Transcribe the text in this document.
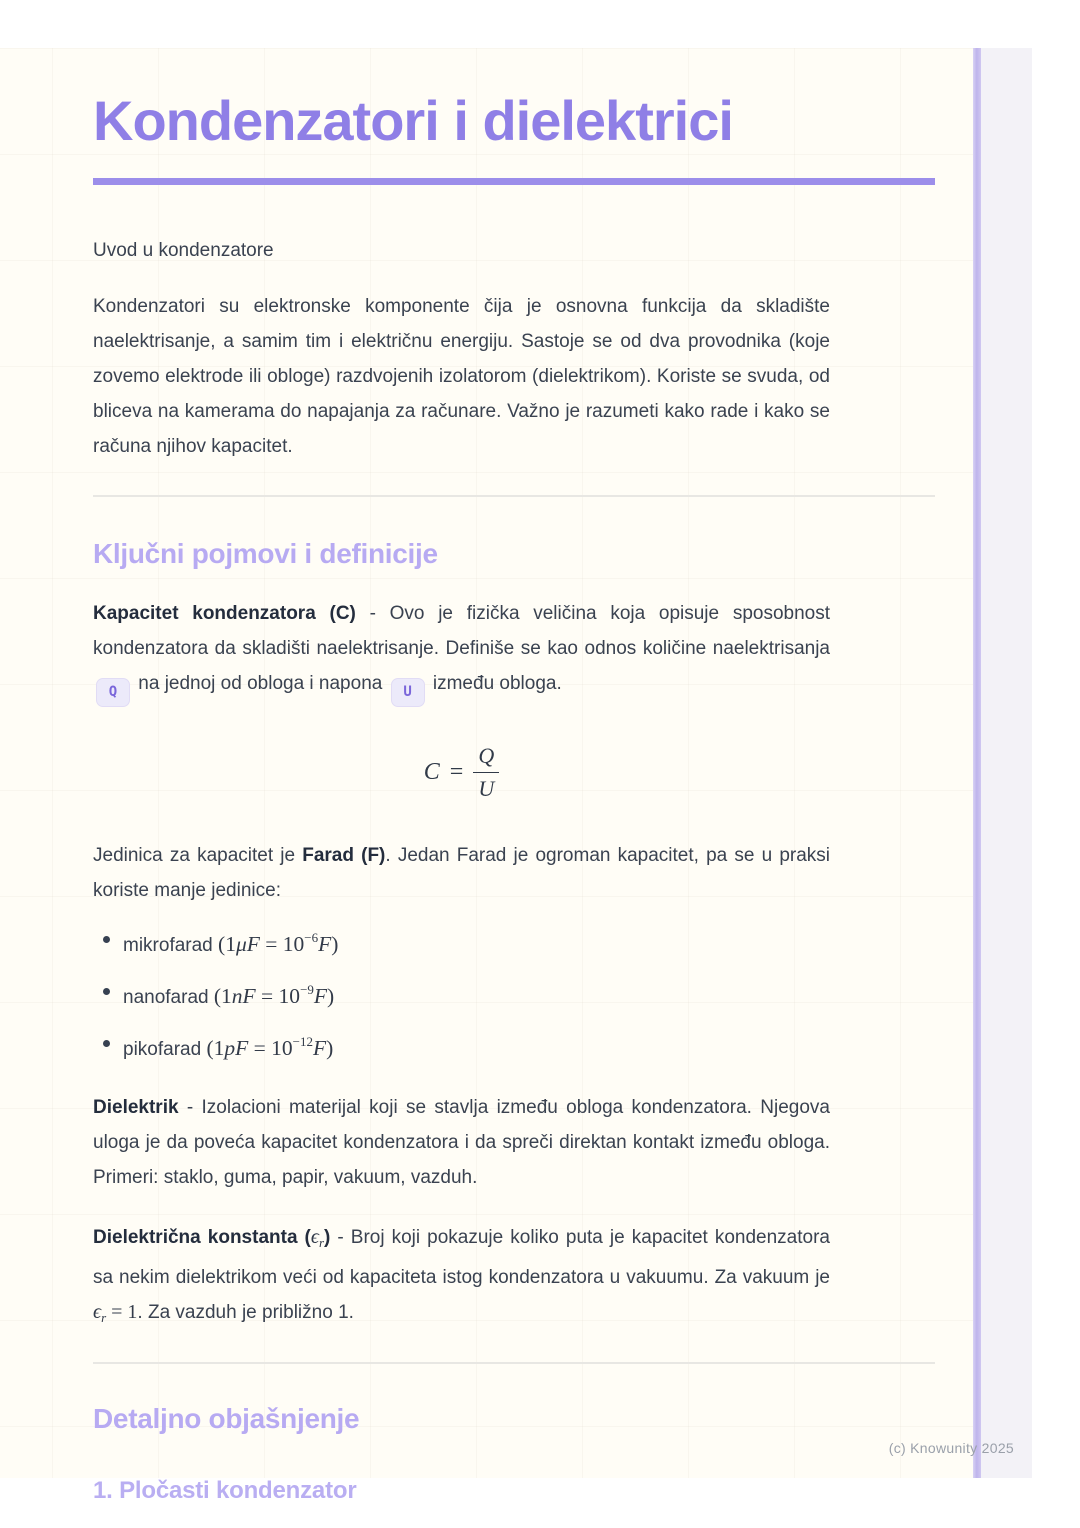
Kondenzatori i dielektrici

Uvod u kondenzatore

Kondenzatori su elektronske komponente čija je osnovna funkcija da skladište naelektrisanje, a samim tim i električnu energiju. Sastoje se od dva provodnika (koje zovemo elektrode ili obloge) razdvojenih izolatorom (dielektrikom). Koriste se svuda, od bliceva na kamerama do napajanja za računare. Važno je razumeti kako rade i kako se računa njihov kapacitet.

Ključni pojmovi i definicije

Kapacitet kondenzatora (C) - Ovo je fizička veličina koja opisuje sposobnost kondenzatora da skladišti naelektrisanje. Definiše se kao odnos količine naelektrisanja Q na jednoj od obloga i napona U između obloga.

$C = \frac{Q}{U}$

Jedinica za kapacitet je Farad (F). Jedan Farad je ogroman kapacitet, pa se u praksi koriste manje jedinice:

mikrofarad $(1\mu F = 10^{-6}F)$
nanofarad $(1nF = 10^{-9}F)$
pikofarad $(1pF = 10^{-12}F)$

Dielektrik - Izolacioni materijal koji se stavlja između obloga kondenzatora. Njegova uloga je da poveća kapacitet kondenzatora i da spreči direktan kontakt između obloga. Primeri: staklo, guma, papir, vakuum, vazduh.

Dielektrična konstanta $(\epsilon_r)$ - Broj koji pokazuje koliko puta je kapacitet kondenzatora sa nekim dielektrikom veći od kapaciteta istog kondenzatora u vakuumu. Za vakuum je $\epsilon_r = 1$. Za vazduh je približno 1.

Detaljno objašnjenje
1. Pločasti kondenzator
(c) Knowunity 2025
